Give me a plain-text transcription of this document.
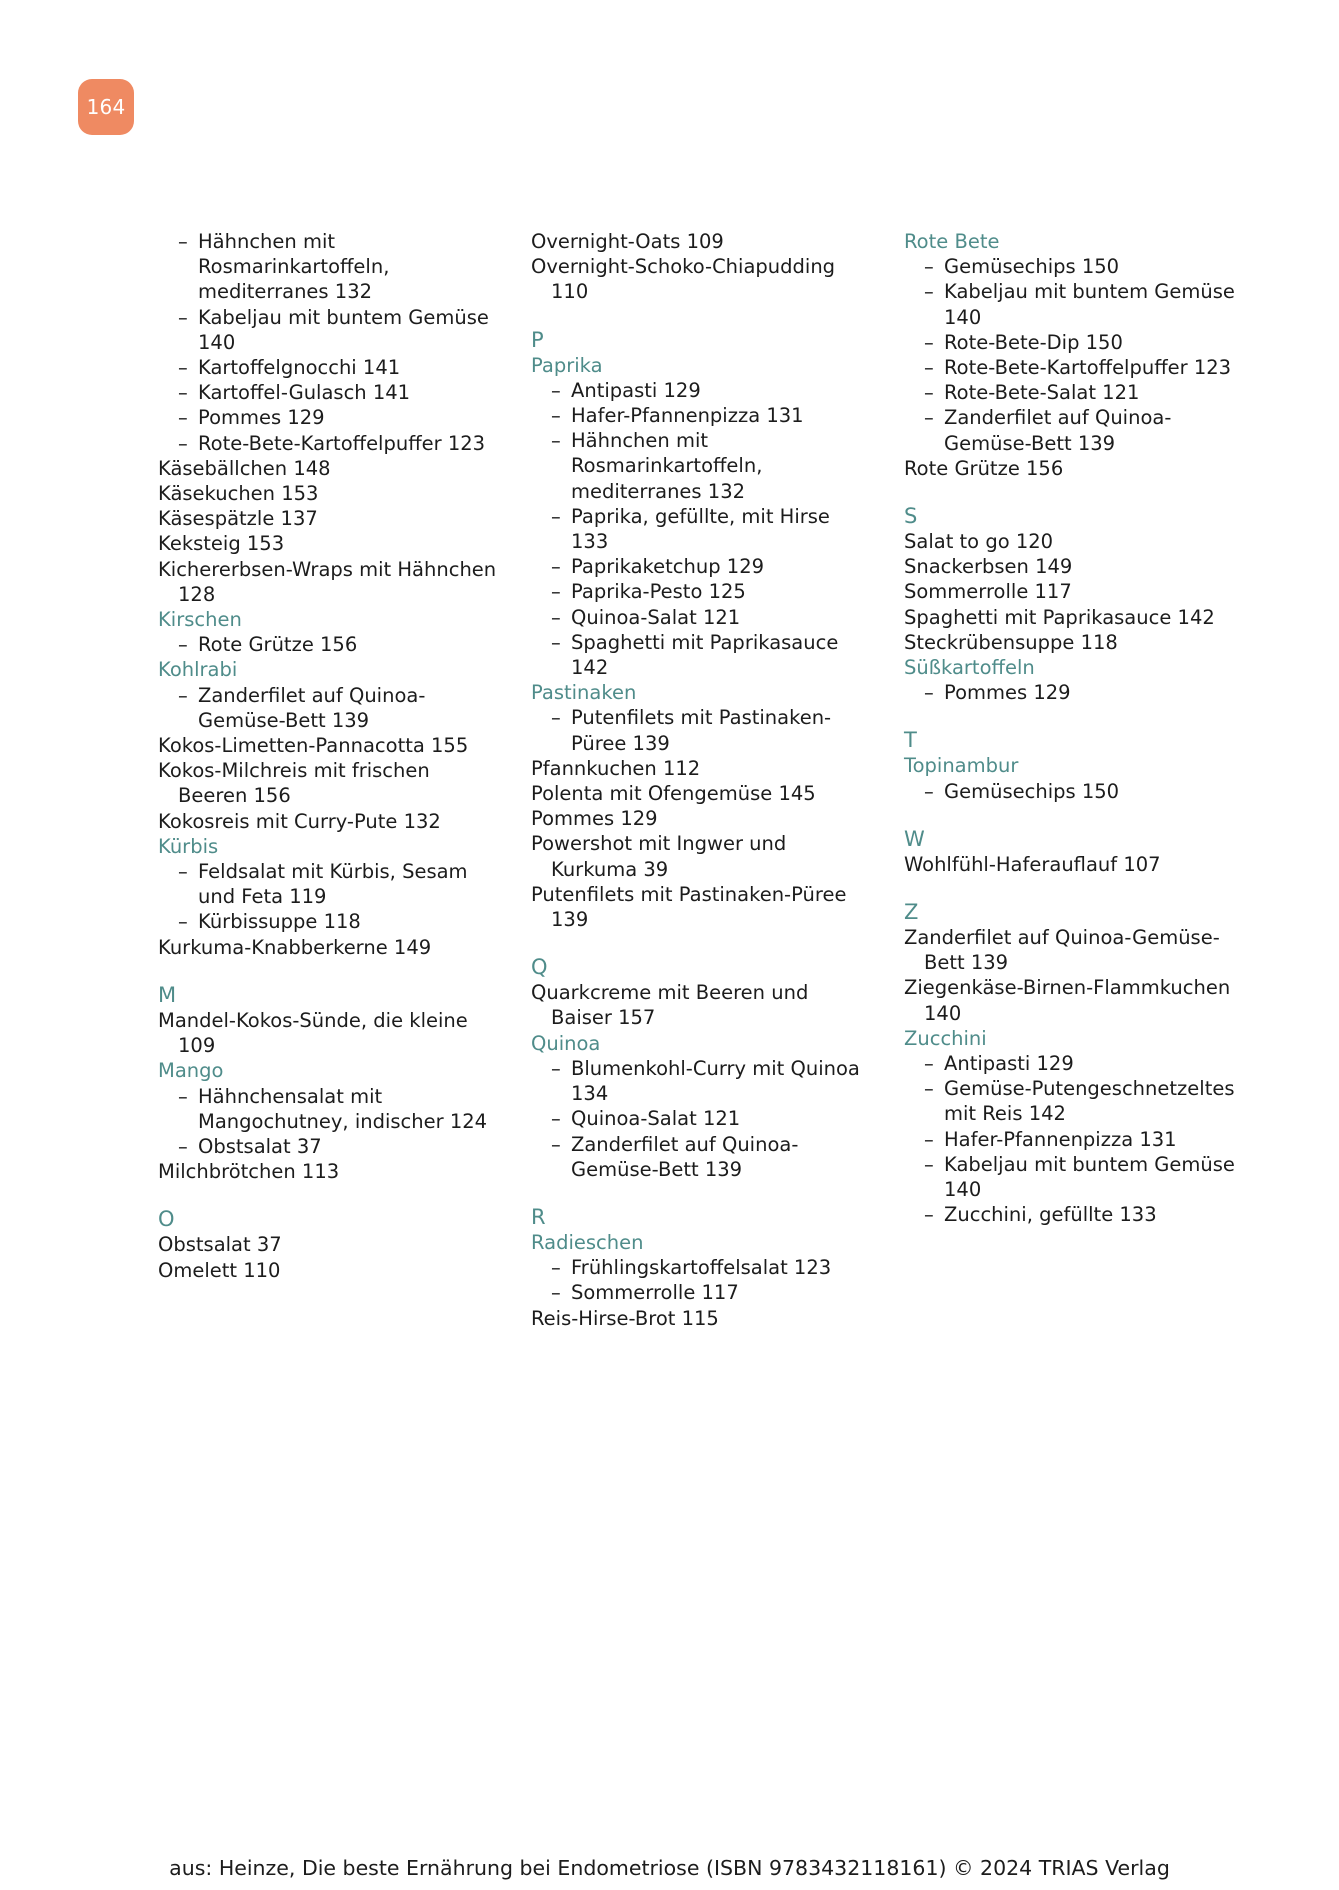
164

– Hähnchen mit Rosmarinkartoffeln, mediterranes 132

– Kabeljau mit buntem Gemüse 140

– Kartoffelgnocchi 141

– Kartoffel-Gulasch 141

– Pommes 129

– Rote-Bete-Kartoffelpuffer 123

Käsebällchen 148

Käsekuchen 153

Käsespätzle 137

Keksteig 153

Kichererbsen-Wraps mit Hähnchen 128

Kirschen

– Rote Grütze 156

Kohlrabi

– Zanderfilet auf Quinoa-Gemüse-Bett 139

Kokos-Limetten-Pannacotta 155

Kokos-Milchreis mit frischen Beeren 156

Kokosreis mit Curry-Pute 132

Kürbis

– Feldsalat mit Kürbis, Sesam und Feta 119

– Kürbissuppe 118

Kurkuma-Knabberkerne 149

M

Mandel-Kokos-Sünde, die kleine 109

Mango

– Hähnchensalat mit Mangochutney, indischer 124

– Obstsalat 37

Milchbrötchen 113

O

Obstsalat 37

Omelett 110

Overnight-Oats 109

Overnight-Schoko-Chiapudding 110

P

Paprika

– Antipasti 129

– Hafer-Pfannenpizza 131

– Hähnchen mit Rosmarinkartoffeln, mediterranes 132

– Paprika, gefüllte, mit Hirse 133

– Paprikaketchup 129

– Paprika-Pesto 125

– Quinoa-Salat 121

– Spaghetti mit Paprikasauce 142

Pastinaken

– Putenfilets mit Pastinaken-Püree 139

Pfannkuchen 112

Polenta mit Ofengemüse 145

Pommes 129

Powershot mit Ingwer und Kurkuma 39

Putenfilets mit Pastinaken-Püree 139

Q

Quarkcreme mit Beeren und Baiser 157

Quinoa

– Blumenkohl-Curry mit Quinoa 134

– Quinoa-Salat 121

– Zanderfilet auf Quinoa-Gemüse-Bett 139

R

Radieschen

– Frühlingskartoffelsalat 123

– Sommerrolle 117

Reis-Hirse-Brot 115

Rote Bete

– Gemüsechips 150

– Kabeljau mit buntem Gemüse 140

– Rote-Bete-Dip 150

– Rote-Bete-Kartoffelpuffer 123

– Rote-Bete-Salat 121

– Zanderfilet auf Quinoa-Gemüse-Bett 139

Rote Grütze 156

S

Salat to go 120

Snackerbsen 149

Sommerrolle 117

Spaghetti mit Paprikasauce 142

Steckrübensuppe 118

Süßkartoffeln

– Pommes 129

T

Topinambur

– Gemüsechips 150

W

Wohlfühl-Haferauflauf 107

Z

Zanderfilet auf Quinoa-Gemüse-Bett 139

Ziegenkäse-Birnen-Flammkuchen 140

Zucchini

– Antipasti 129

– Gemüse-Putengeschnetzeltes mit Reis 142

– Hafer-Pfannenpizza 131

– Kabeljau mit buntem Gemüse 140

– Zucchini, gefüllte 133

aus: Heinze, Die beste Ernährung bei Endometriose (ISBN 9783432118161) © 2024 TRIAS Verlag
